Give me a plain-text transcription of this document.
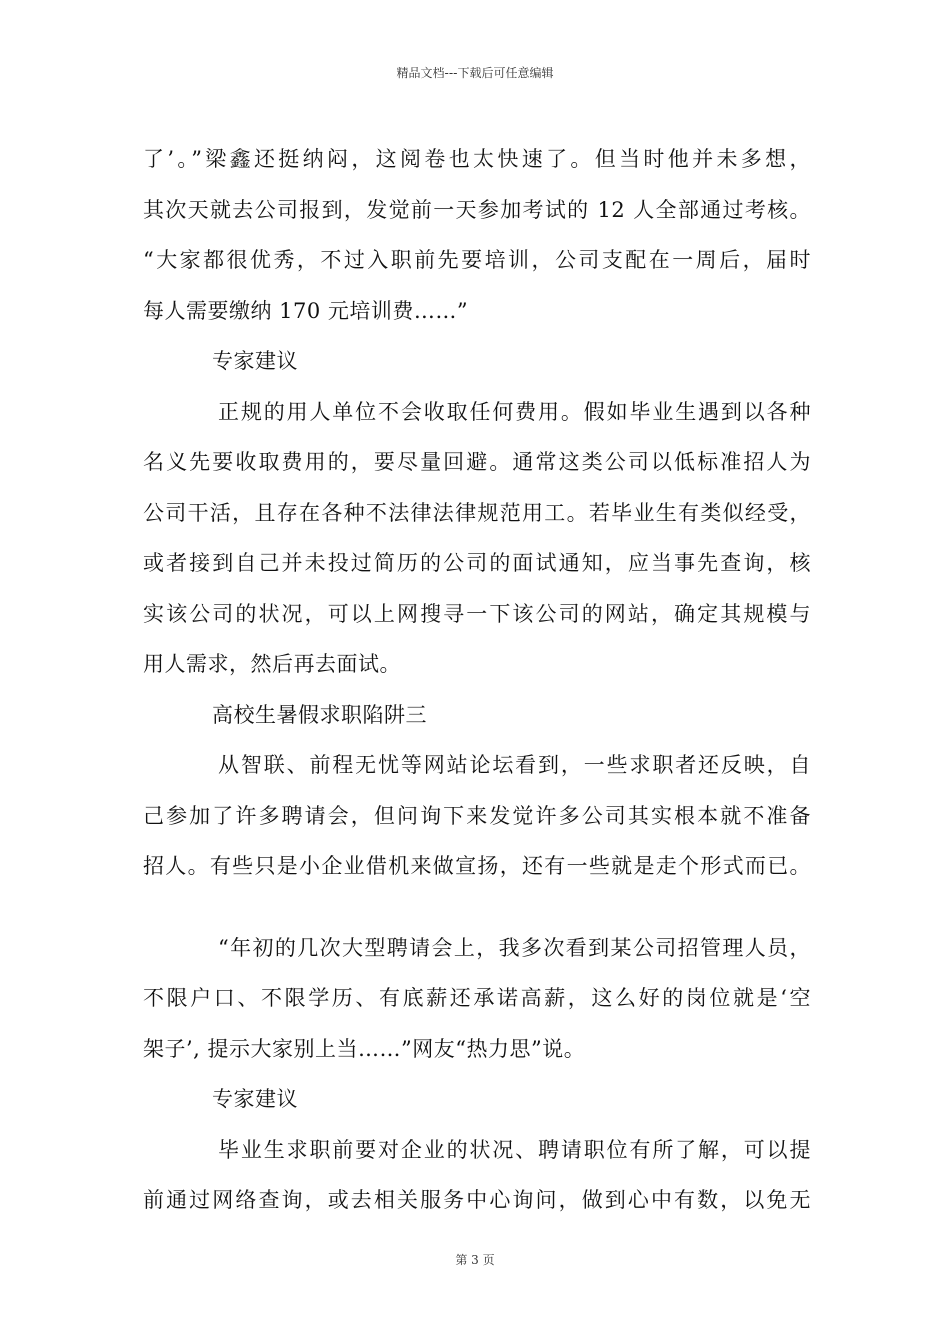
精品文档---下载后可任意编辑
了’。”梁鑫还挺纳闷，这阅卷也太快速了。但当时他并未多想，
其次天就去公司报到，发觉前一天参加考试的 12 人全部通过考核。
“大家都很优秀，不过入职前先要培训，公司支配在一周后，届时
每人需要缴纳 170 元培训费……”
专家建议
正规的用人单位不会收取任何费用。假如毕业生遇到以各种
名义先要收取费用的，要尽量回避。通常这类公司以低标准招人为
公司干活，且存在各种不法律法律规范用工。若毕业生有类似经受，
或者接到自己并未投过简历的公司的面试通知，应当事先查询，核
实该公司的状况，可以上网搜寻一下该公司的网站，确定其规模与
用人需求，然后再去面试。
高校生暑假求职陷阱三
从智联、前程无忧等网站论坛看到，一些求职者还反映，自
己参加了许多聘请会，但问询下来发觉许多公司其实根本就不准备
招人。有些只是小企业借机来做宣扬，还有一些就是走个形式而已。
“年初的几次大型聘请会上，我多次看到某公司招管理人员，
不限户口、不限学历、有底薪还承诺高薪，这么好的岗位就是‘空
架子’, 提示大家别上当……”网友“热力思”说。
专家建议
毕业生求职前要对企业的状况、聘请职位有所了解，可以提
前通过网络查询，或去相关服务中心询问，做到心中有数，以免无
第 3 页
